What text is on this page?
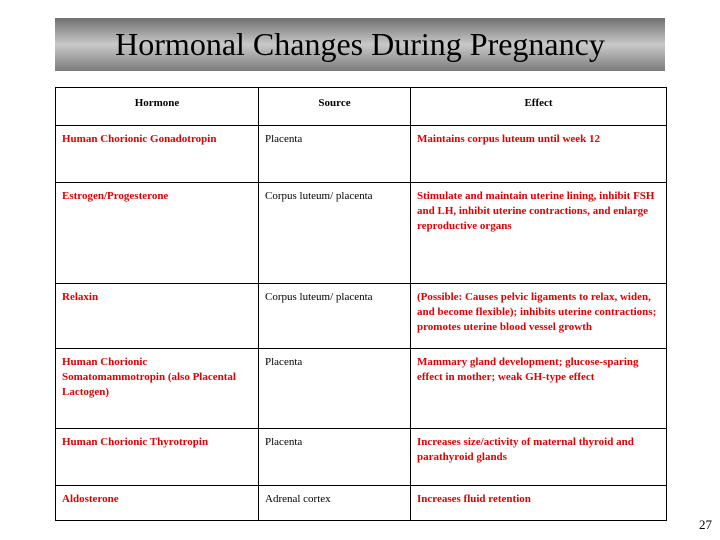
Hormonal Changes During Pregnancy
Hormone	Source	Effect
Human Chorionic Gonadotropin	Placenta	Maintains corpus luteum until week 12
Estrogen/Progesterone	Corpus luteum/ placenta	Stimulate and maintain uterine lining, inhibit FSH and LH, inhibit uterine contractions, and enlarge reproductive organs
Relaxin	Corpus luteum/ placenta	(Possible: Causes pelvic ligaments to relax, widen, and become flexible); inhibits uterine contractions; promotes uterine blood vessel growth
Human Chorionic Somatomammotropin (also Placental Lactogen)	Placenta	Mammary gland development; glucose-sparing effect in mother; weak GH-type effect
Human Chorionic Thyrotropin	Placenta	Increases size/activity of maternal thyroid and parathyroid glands
Aldosterone	Adrenal cortex	Increases fluid retention
27
